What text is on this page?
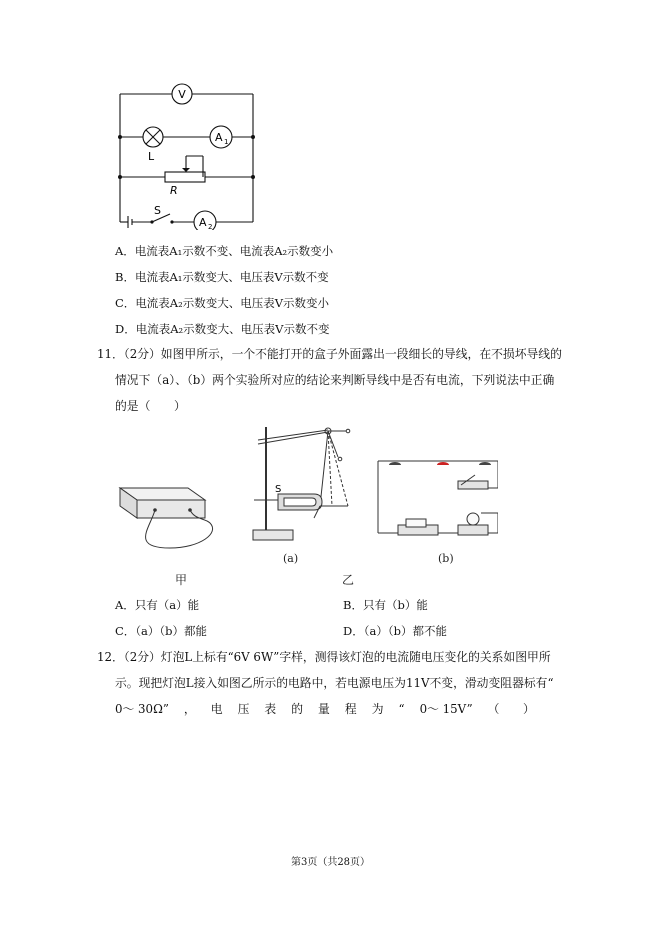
V
L
A 1
R
S
A 2
A．电流表A₁示数不变、电流表A₂示数变小
B．电流表A₁示数变大、电压表V示数不变
C．电流表A₂示数变大、电压表V示数变小
D．电流表A₂示数变大、电压表V示数不变
11．（2分）如图甲所示，一个不能打开的盒子外面露出一段细长的导线，在不损坏导线的
情况下（a）、（b）两个实验所对应的结论来判断导线中是否有电流，下列说法中正确
的是（　　）
S
(a)	(b)
甲	乙
A．只有（a）能	B．只有（b）能
C．（a）（b）都能	D．（a）（b）都不能
12．（2分）灯泡L上标有“6V 6W”字样，测得该灯泡的电流随电压变化的关系如图甲所
示。现把灯泡L接入如图乙所示的电路中，若电源电压为11V不变，滑动变阻器标有“
0～ 30Ω” ， 电 压 表 的 量 程 为 “ 0～ 15V” （　　）
第3页（共28页）
